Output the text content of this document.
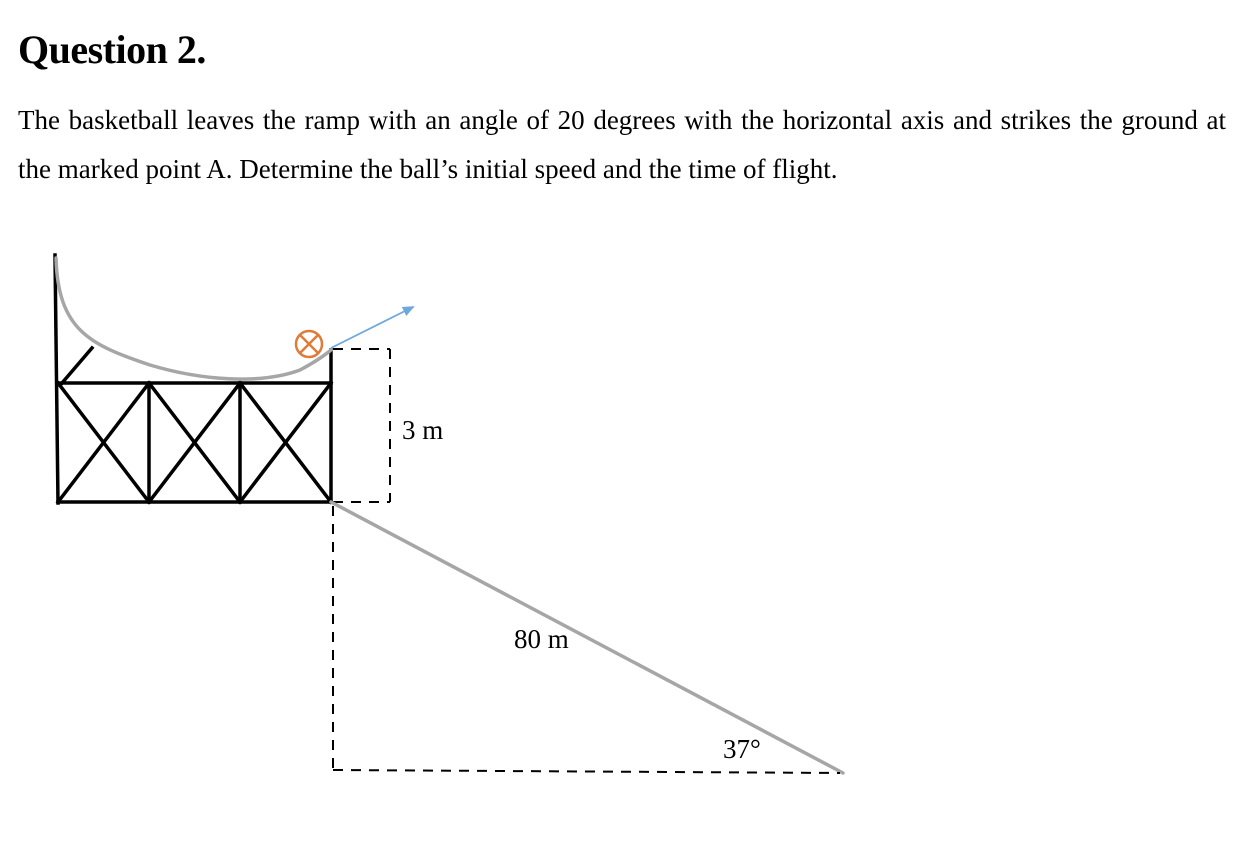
Question 2.

The basketball leaves the ramp with an angle of 20 degrees with the horizontal axis and strikes the ground at the marked point A. Determine the ball’s initial speed and the time of flight.

3 m
80 m
37°
